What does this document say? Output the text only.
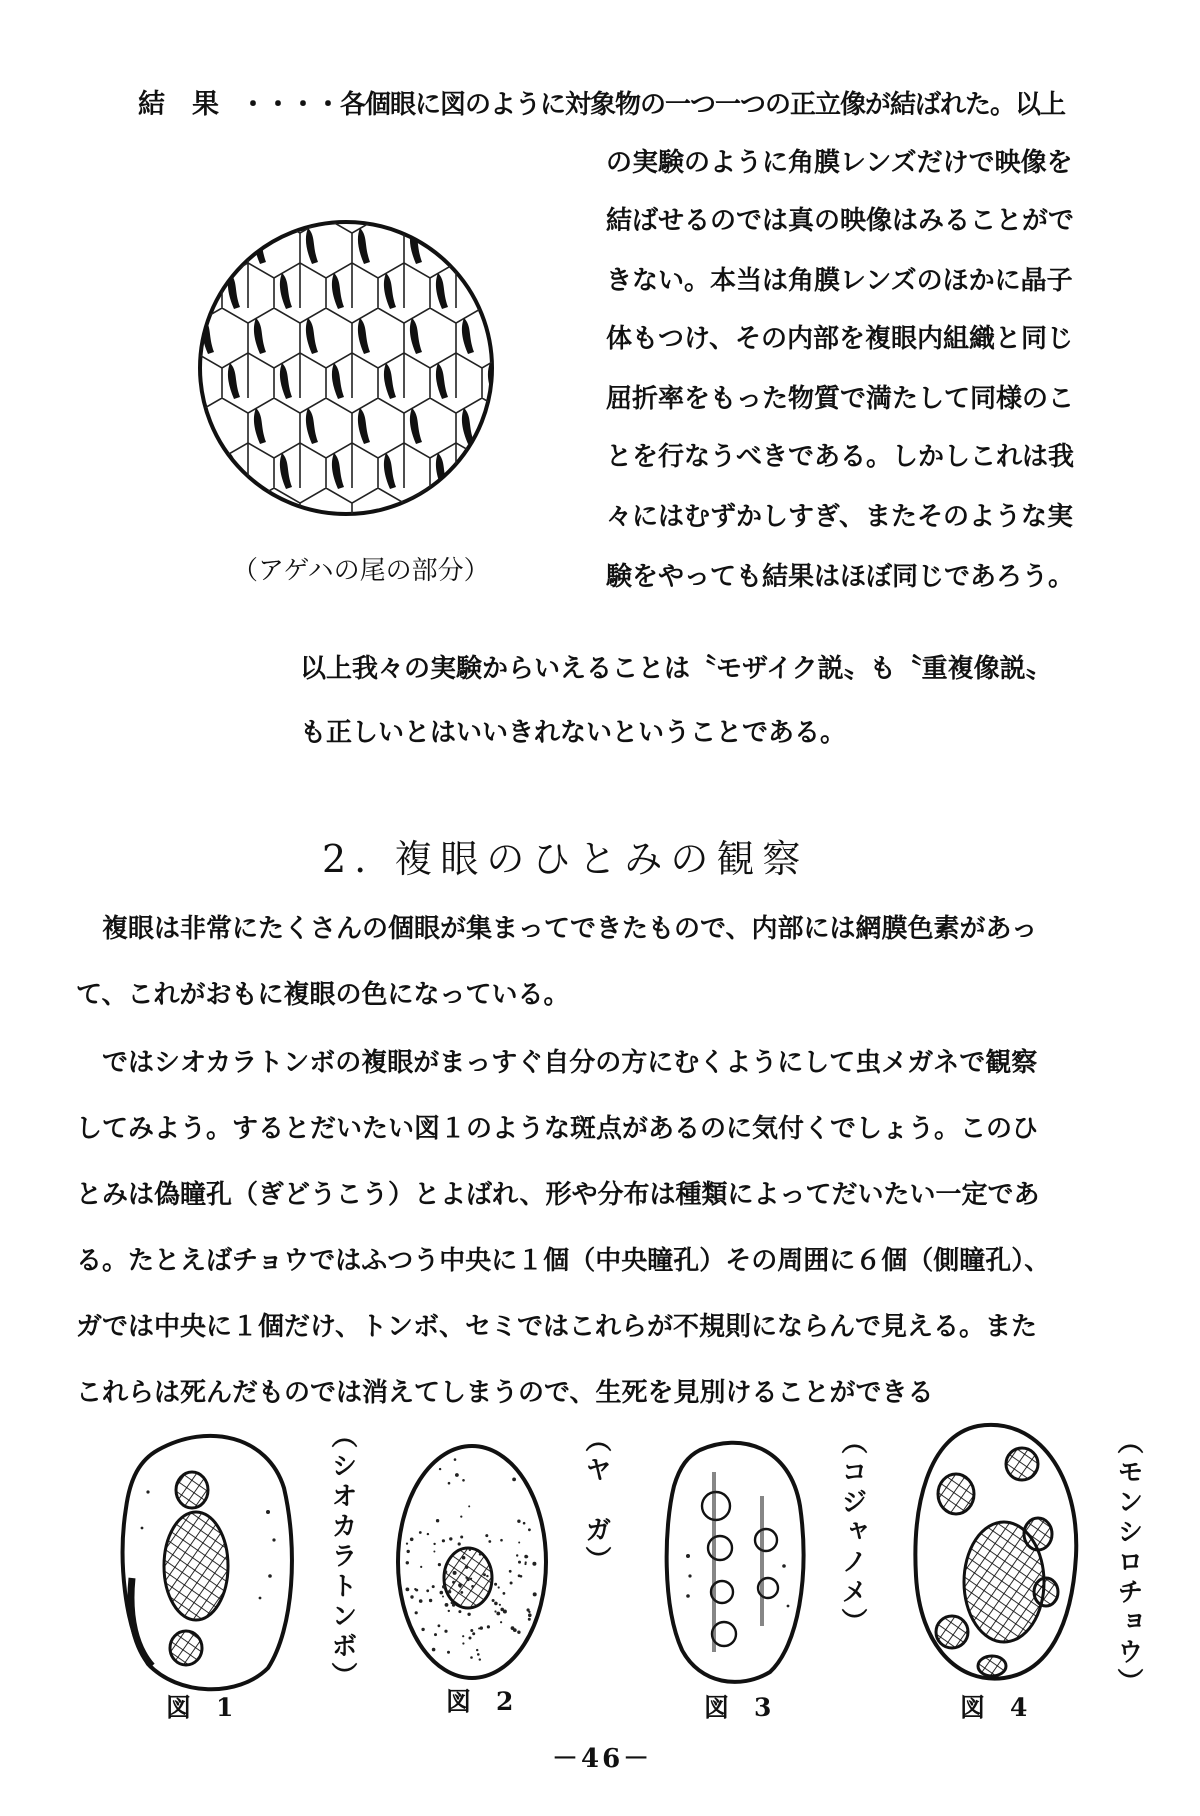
結　果 ・・・・各個眼に図のように対象物の一つ一つの正立像が結ばれた。以上
の実験のように角膜レンズだけで映像を
結ばせるのでは真の映像はみることがで
きない。本当は角膜レンズのほかに晶子
体もつけ、その内部を複眼内組織と同じ
屈折率をもった物質で満たして同様のこ
とを行なうべきである。しかしこれは我
々にはむずかしすぎ、またそのような実
験をやっても結果はほぼ同じであろう。
（アゲハの尾の部分）
以上我々の実験からいえることは〝モザイク説〟も〝重複像説〟
も正しいとはいいきれないということである。
2. 複眼のひとみの観察
複眼は非常にたくさんの個眼が集まってできたもので、内部には網膜色素があっ
て、これがおもに複眼の色になっている。
ではシオカラトンボの複眼がまっすぐ自分の方にむくようにして虫メガネで観察
してみよう。するとだいたい図１のような斑点があるのに気付くでしょう。このひ
とみは偽瞳孔（ぎどうこう）とよばれ、形や分布は種類によってだいたい一定であ
る。たとえばチョウではふつう中央に１個（中央瞳孔）その周囲に６個（側瞳孔）、
ガでは中央に１個だけ、トンボ、セミではこれらが不規則にならんで見える。また
これらは死んだものでは消えてしまうので、生死を見別けることができる
図　1
（シオカラトンボ）
図　2
（ヤ　ガ）
図　3
（コジャノメ）
図　4
（モンシロチョウ）
－46－
